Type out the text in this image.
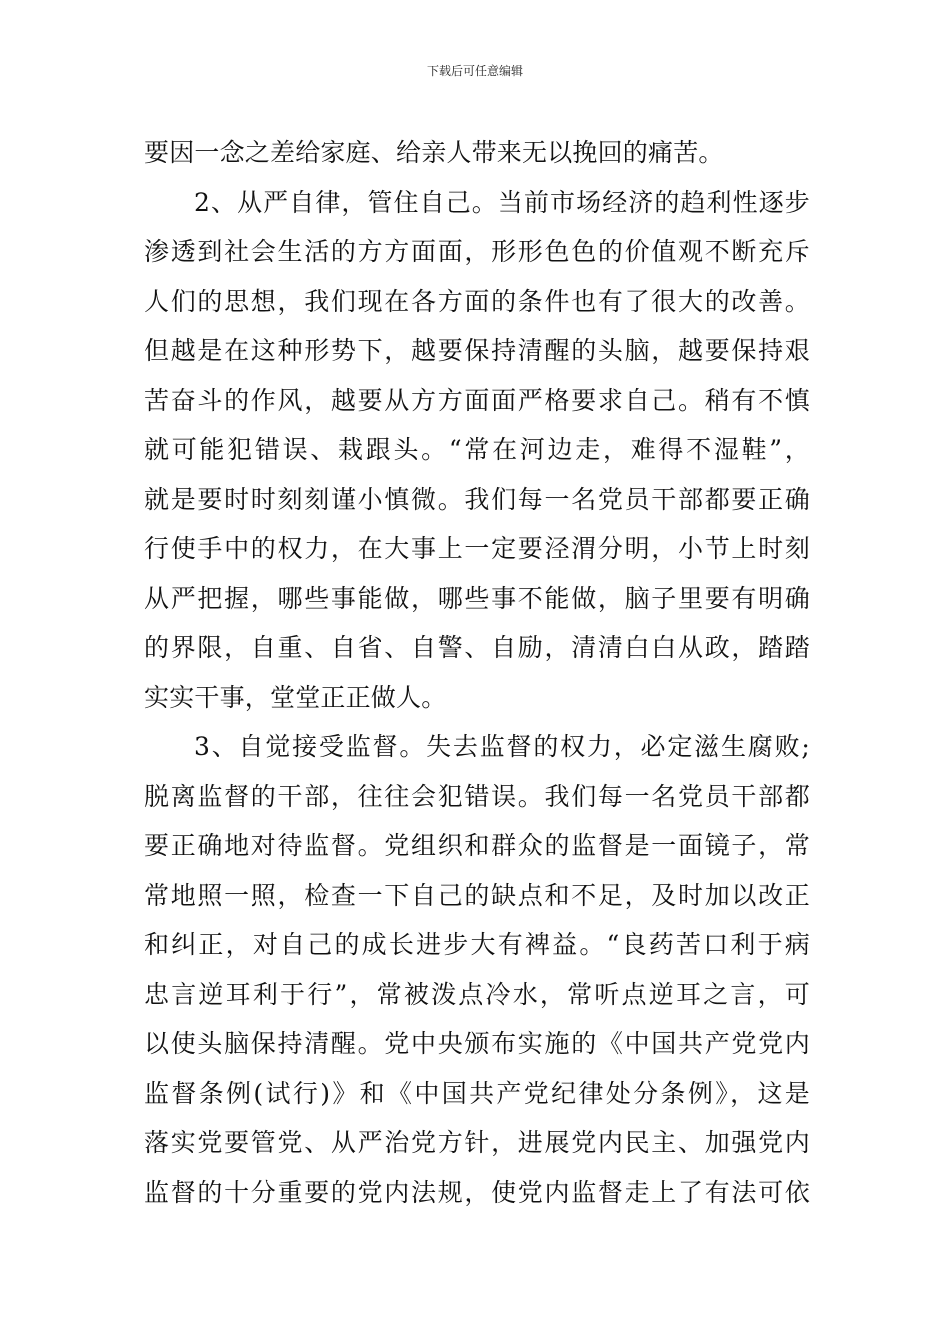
下载后可任意编辑
要因一念之差给家庭、给亲人带来无以挽回的痛苦。
2、从严自律，管住自己。当前市场经济的趋利性逐步
渗透到社会生活的方方面面，形形色色的价值观不断充斥
人们的思想，我们现在各方面的条件也有了很大的改善。
但越是在这种形势下，越要保持清醒的头脑，越要保持艰
苦奋斗的作风，越要从方方面面严格要求自己。稍有不慎
就可能犯错误、栽跟头。“常在河边走，难得不湿鞋”，
就是要时时刻刻谨小慎微。我们每一名党员干部都要正确
行使手中的权力，在大事上一定要泾渭分明，小节上时刻
从严把握，哪些事能做，哪些事不能做，脑子里要有明确
的界限，自重、自省、自警、自励，清清白白从政，踏踏
实实干事，堂堂正正做人。
3、自觉接受监督。失去监督的权力，必定滋生腐败;
脱离监督的干部，往往会犯错误。我们每一名党员干部都
要正确地对待监督。党组织和群众的监督是一面镜子，常
常地照一照，检查一下自己的缺点和不足，及时加以改正
和纠正，对自己的成长进步大有裨益。“良药苦口利于病
忠言逆耳利于行”，常被泼点冷水，常听点逆耳之言，可
以使头脑保持清醒。党中央颁布实施的《中国共产党党内
监督条例(试行)》和《中国共产党纪律处分条例》，这是
落实党要管党、从严治党方针，进展党内民主、加强党内
监督的十分重要的党内法规，使党内监督走上了有法可依
